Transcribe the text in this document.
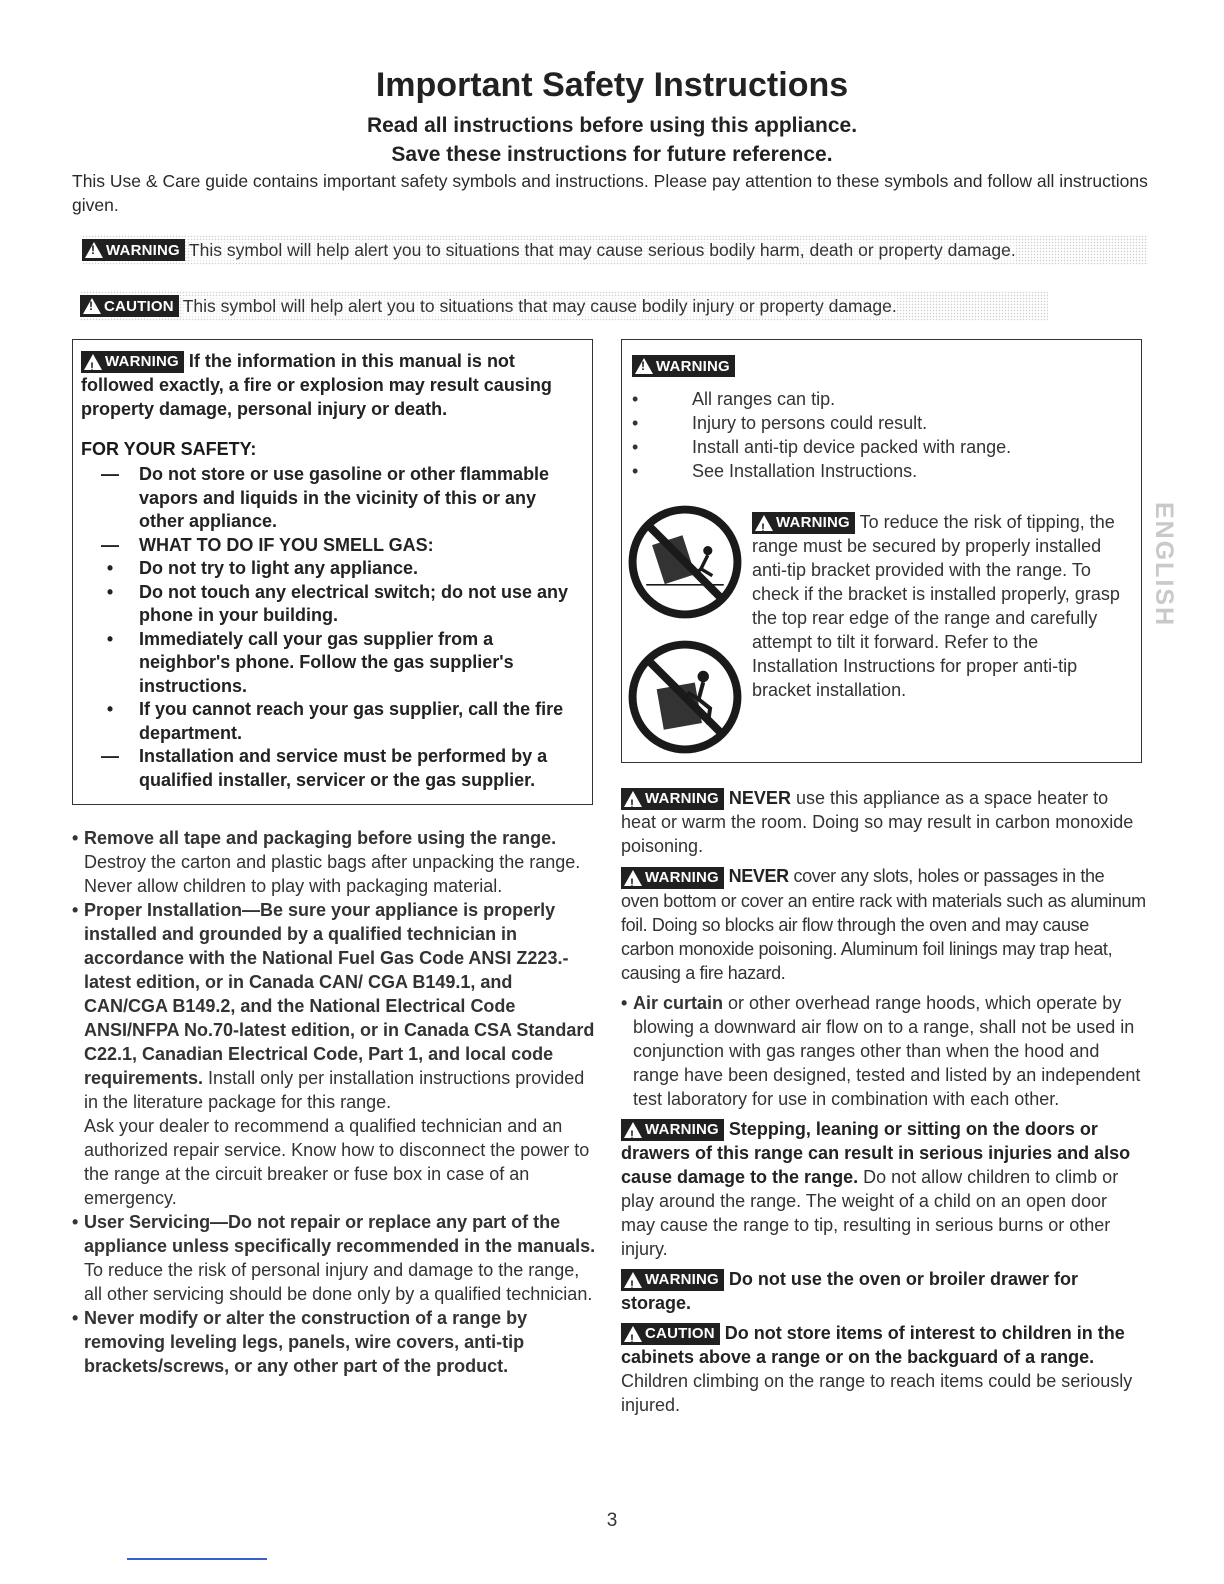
Important Safety Instructions
Read all instructions before using this appliance.
Save these instructions for future reference.
This Use & Care guide contains important safety symbols and instructions. Please pay attention to these symbols and follow all instructions given.
!
WARNING This symbol will help alert you to situations that may cause serious bodily harm, death or property damage.
!
CAUTION This symbol will help alert you to situations that may cause bodily injury or property damage.
!
WARNING If the information in this manual is not followed exactly, a fire or explosion may result causing property damage, personal injury or death.
FOR YOUR SAFETY:
—	Do not store or use gasoline or other flammable vapors and liquids in the vicinity of this or any other appliance.
—	WHAT TO DO IF YOU SMELL GAS:
•	Do not try to light any appliance.
•	Do not touch any electrical switch; do not use any phone in your building.
•	Immediately call your gas supplier from a neighbor's phone. Follow the gas supplier's instructions.
•	If you cannot reach your gas supplier, call the fire department.
—	Installation and service must be performed by a qualified installer, servicer or the gas supplier.
!
WARNING
•	All ranges can tip.
•	Injury to persons could result.
•	Install anti-tip device packed with range.
•	See Installation Instructions.

!
WARNING To reduce the risk of tipping, the range must be secured by properly installed anti-tip bracket provided with the range. To check if the bracket is installed properly, grasp the top rear edge of the range and carefully attempt to tilt it forward. Refer to the Installation Instructions for proper anti-tip bracket installation.
• Remove all tape and packaging before using the range. Destroy the carton and plastic bags after unpacking the range. Never allow children to play with packaging material.
• Proper Installation—Be sure your appliance is properly installed and grounded by a qualified technician in accordance with the National Fuel Gas Code ANSI Z223.- latest edition, or in Canada CAN/ CGA B149.1, and CAN/CGA B149.2, and the National Electrical Code ANSI/NFPA No.70-latest edition, or in Canada CSA Standard C22.1, Canadian Electrical Code, Part 1, and local code requirements. Install only per installation instructions provided in the literature package for this range.
Ask your dealer to recommend a qualified technician and an authorized repair service. Know how to disconnect the power to the range at the circuit breaker or fuse box in case of an emergency.
• User Servicing—Do not repair or replace any part of the appliance unless specifically recommended in the manuals. To reduce the risk of personal injury and damage to the range, all other servicing should be done only by a qualified technician.
• Never modify or alter the construction of a range by removing leveling legs, panels, wire covers, anti-tip brackets/screws, or any other part of the product.
!
WARNING NEVER use this appliance as a space heater to heat or warm the room. Doing so may result in carbon monoxide poisoning.
!
WARNING NEVER cover any slots, holes or passages in the oven bottom or cover an entire rack with materials such as aluminum foil. Doing so blocks air flow through the oven and may cause carbon monoxide poisoning. Aluminum foil linings may trap heat, causing a fire hazard.
• Air curtain or other overhead range hoods, which operate by blowing a downward air flow on to a range, shall not be used in conjunction with gas ranges other than when the hood and range have been designed, tested and listed by an independent test laboratory for use in combination with each other.
!
WARNING Stepping, leaning or sitting on the doors or drawers of this range can result in serious injuries and also cause damage to the range. Do not allow children to climb or play around the range. The weight of a child on an open door may cause the range to tip, resulting in serious burns or other injury.
!
WARNING Do not use the oven or broiler drawer for storage.
!
CAUTION Do not store items of interest to children in the cabinets above a range or on the backguard of a range. Children climbing on the range to reach items could be seriously injured.
ENGLISH
3
